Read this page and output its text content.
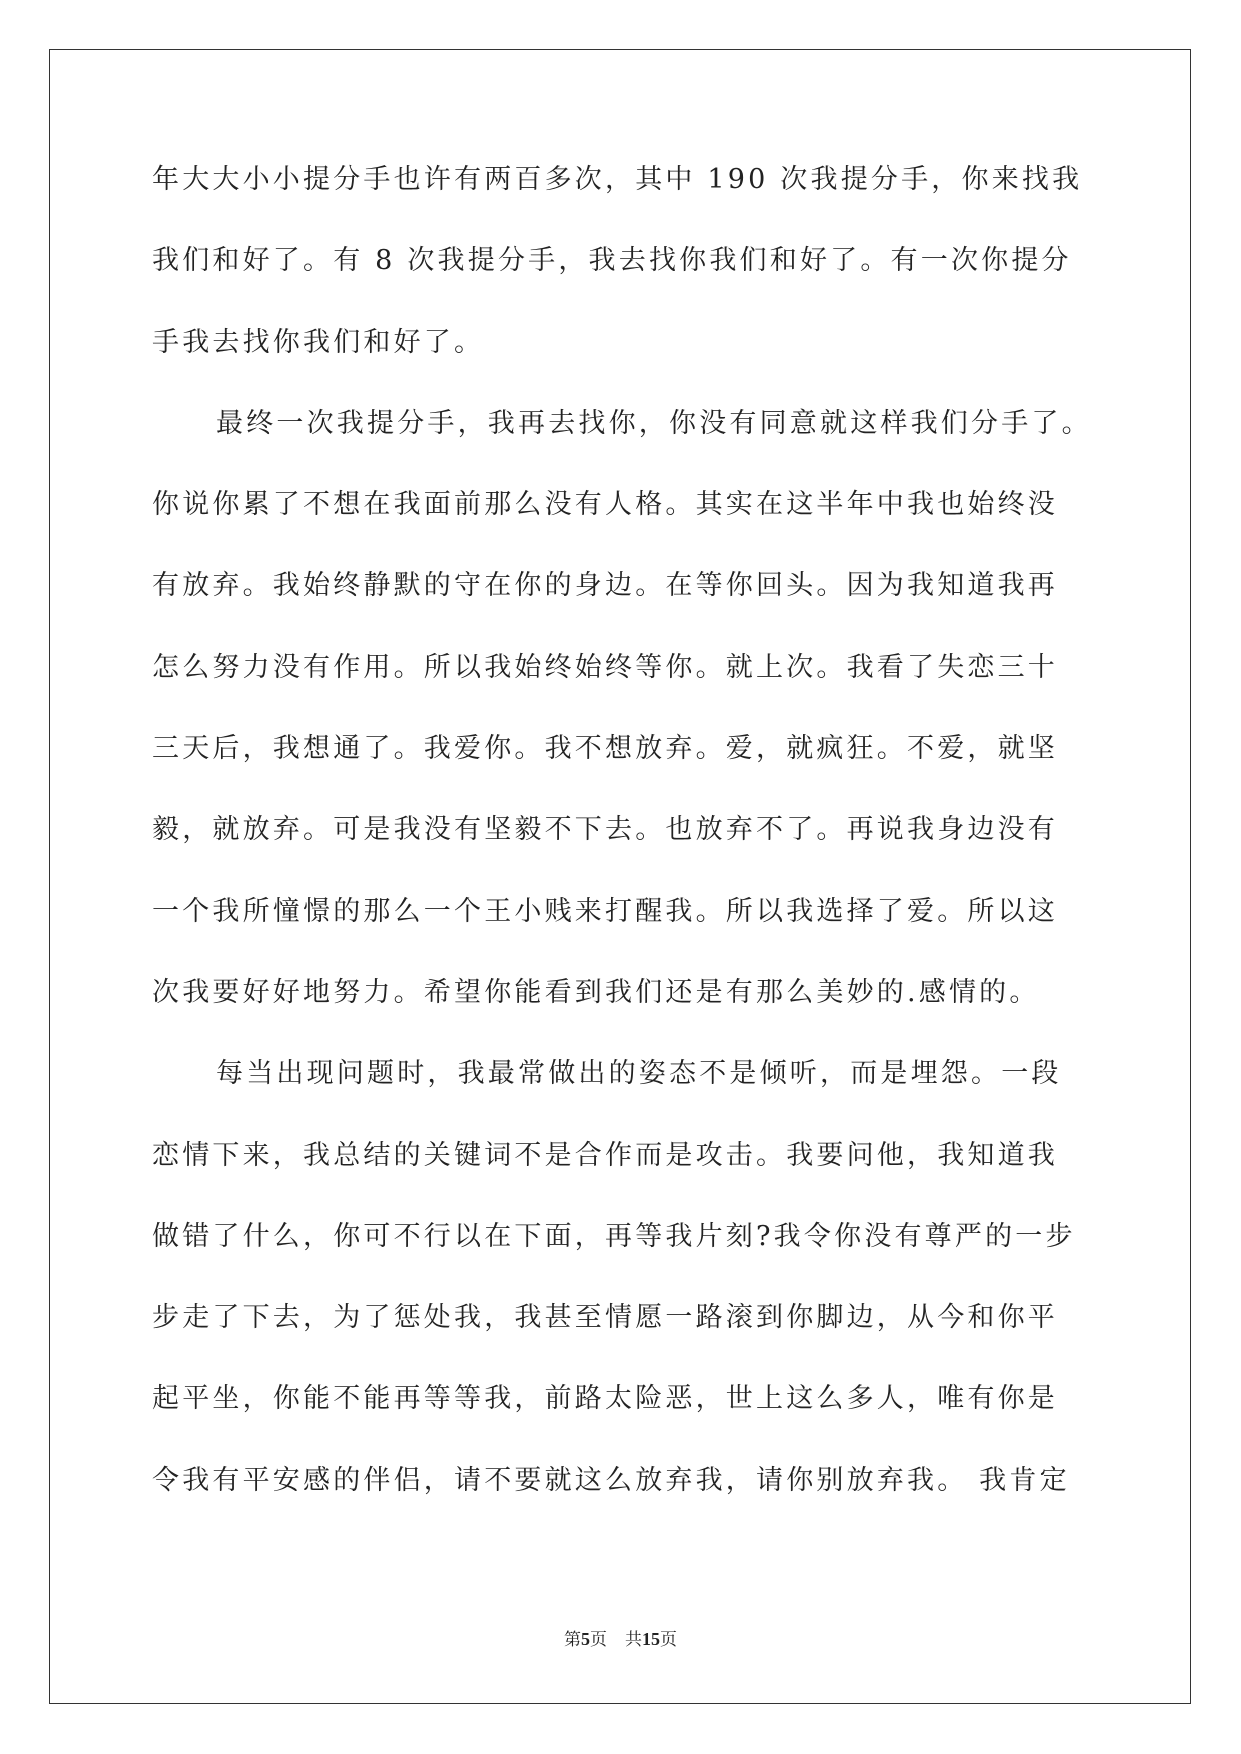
年大大小小提分手也许有两百多次，其中 190 次我提分手，你来找我
我们和好了。有 8 次我提分手，我去找你我们和好了。有一次你提分
手我去找你我们和好了。
最终一次我提分手，我再去找你，你没有同意就这样我们分手了。
你说你累了不想在我面前那么没有人格。其实在这半年中我也始终没
有放弃。我始终静默的守在你的身边。在等你回头。因为我知道我再
怎么努力没有作用。所以我始终始终等你。就上次。我看了失恋三十
三天后，我想通了。我爱你。我不想放弃。爱，就疯狂。不爱，就坚
毅，就放弃。可是我没有坚毅不下去。也放弃不了。再说我身边没有
一个我所憧憬的那么一个王小贱来打醒我。所以我选择了爱。所以这
次我要好好地努力。希望你能看到我们还是有那么美妙的.感情的。
每当出现问题时，我最常做出的姿态不是倾听，而是埋怨。一段
恋情下来，我总结的关键词不是合作而是攻击。我要问他，我知道我
做错了什么，你可不行以在下面，再等我片刻?我令你没有尊严的一步
步走了下去，为了惩处我，我甚至情愿一路滚到你脚边，从今和你平
起平坐，你能不能再等等我，前路太险恶，世上这么多人，唯有你是
令我有平安感的伴侣，请不要就这么放弃我，请你别放弃我。 我肯定
第5页 共15页
